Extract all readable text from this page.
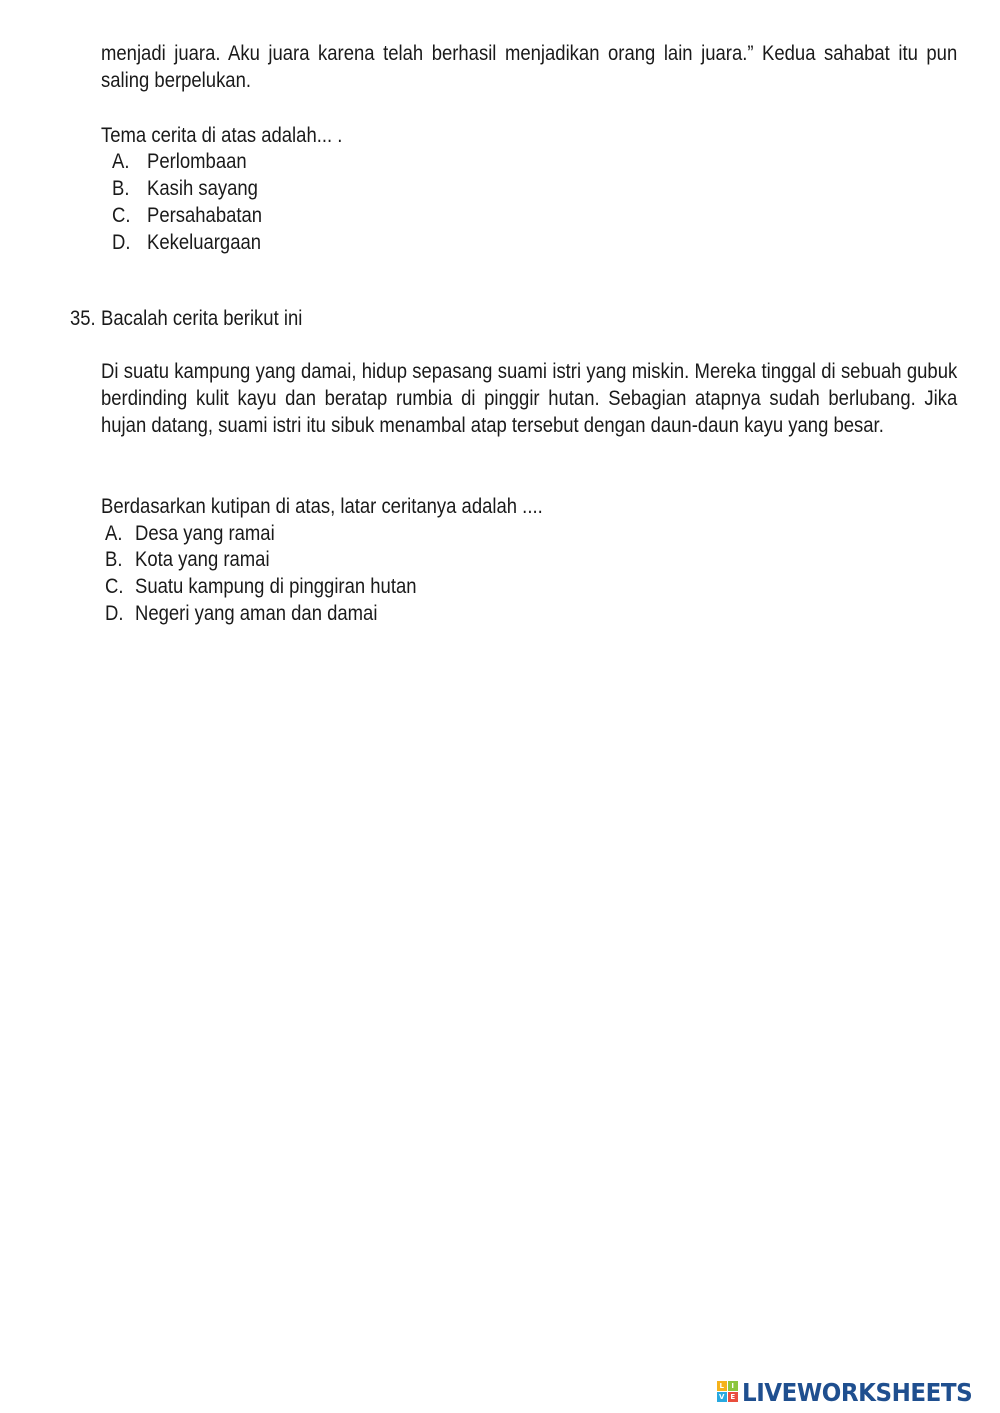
menjadi juara. Aku juara karena telah berhasil menjadikan orang lain juara.” Kedua sahabat itu pun saling berpelukan.
Tema cerita di atas adalah... .
A. Perlombaan
B. Kasih sayang
C. Persahabatan
D. Kekeluargaan
35. Bacalah cerita berikut ini
Di suatu kampung yang damai, hidup sepasang suami istri yang miskin. Mereka tinggal di sebuah gubuk berdinding kulit kayu dan beratap rumbia di pinggir hutan. Sebagian atapnya sudah berlubang. Jika hujan datang, suami istri itu sibuk menambal atap tersebut dengan daun-daun kayu yang besar.
Berdasarkan kutipan di atas, latar ceritanya adalah ....
A. Desa yang ramai
B. Kota yang ramai
C. Suatu kampung di pinggiran hutan
D. Negeri yang aman dan damai
L	I
V E LIVEWORKSHEETS
